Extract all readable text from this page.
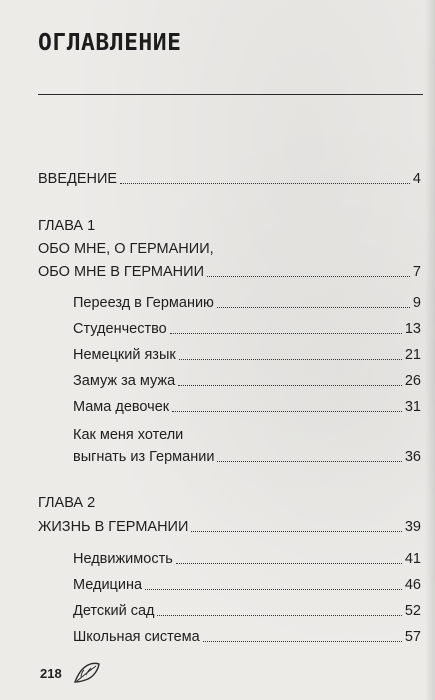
ОГЛАВЛЕНИЕ
ВВЕДЕНИЕ	4
ГЛАВА 1
ОБО МНЕ, О ГЕРМАНИИ,
ОБО МНЕ В ГЕРМАНИИ	7
Переезд в Германию	9
Студенчество	13
Немецкий язык	21
Замуж за мужа	26
Мама девочек	31
Как меня хотели
выгнать из Германии	36
ГЛАВА 2
ЖИЗНЬ В ГЕРМАНИИ	39
Недвижимость	41
Медицина	46
Детский сад	52
Школьная система	57
218
